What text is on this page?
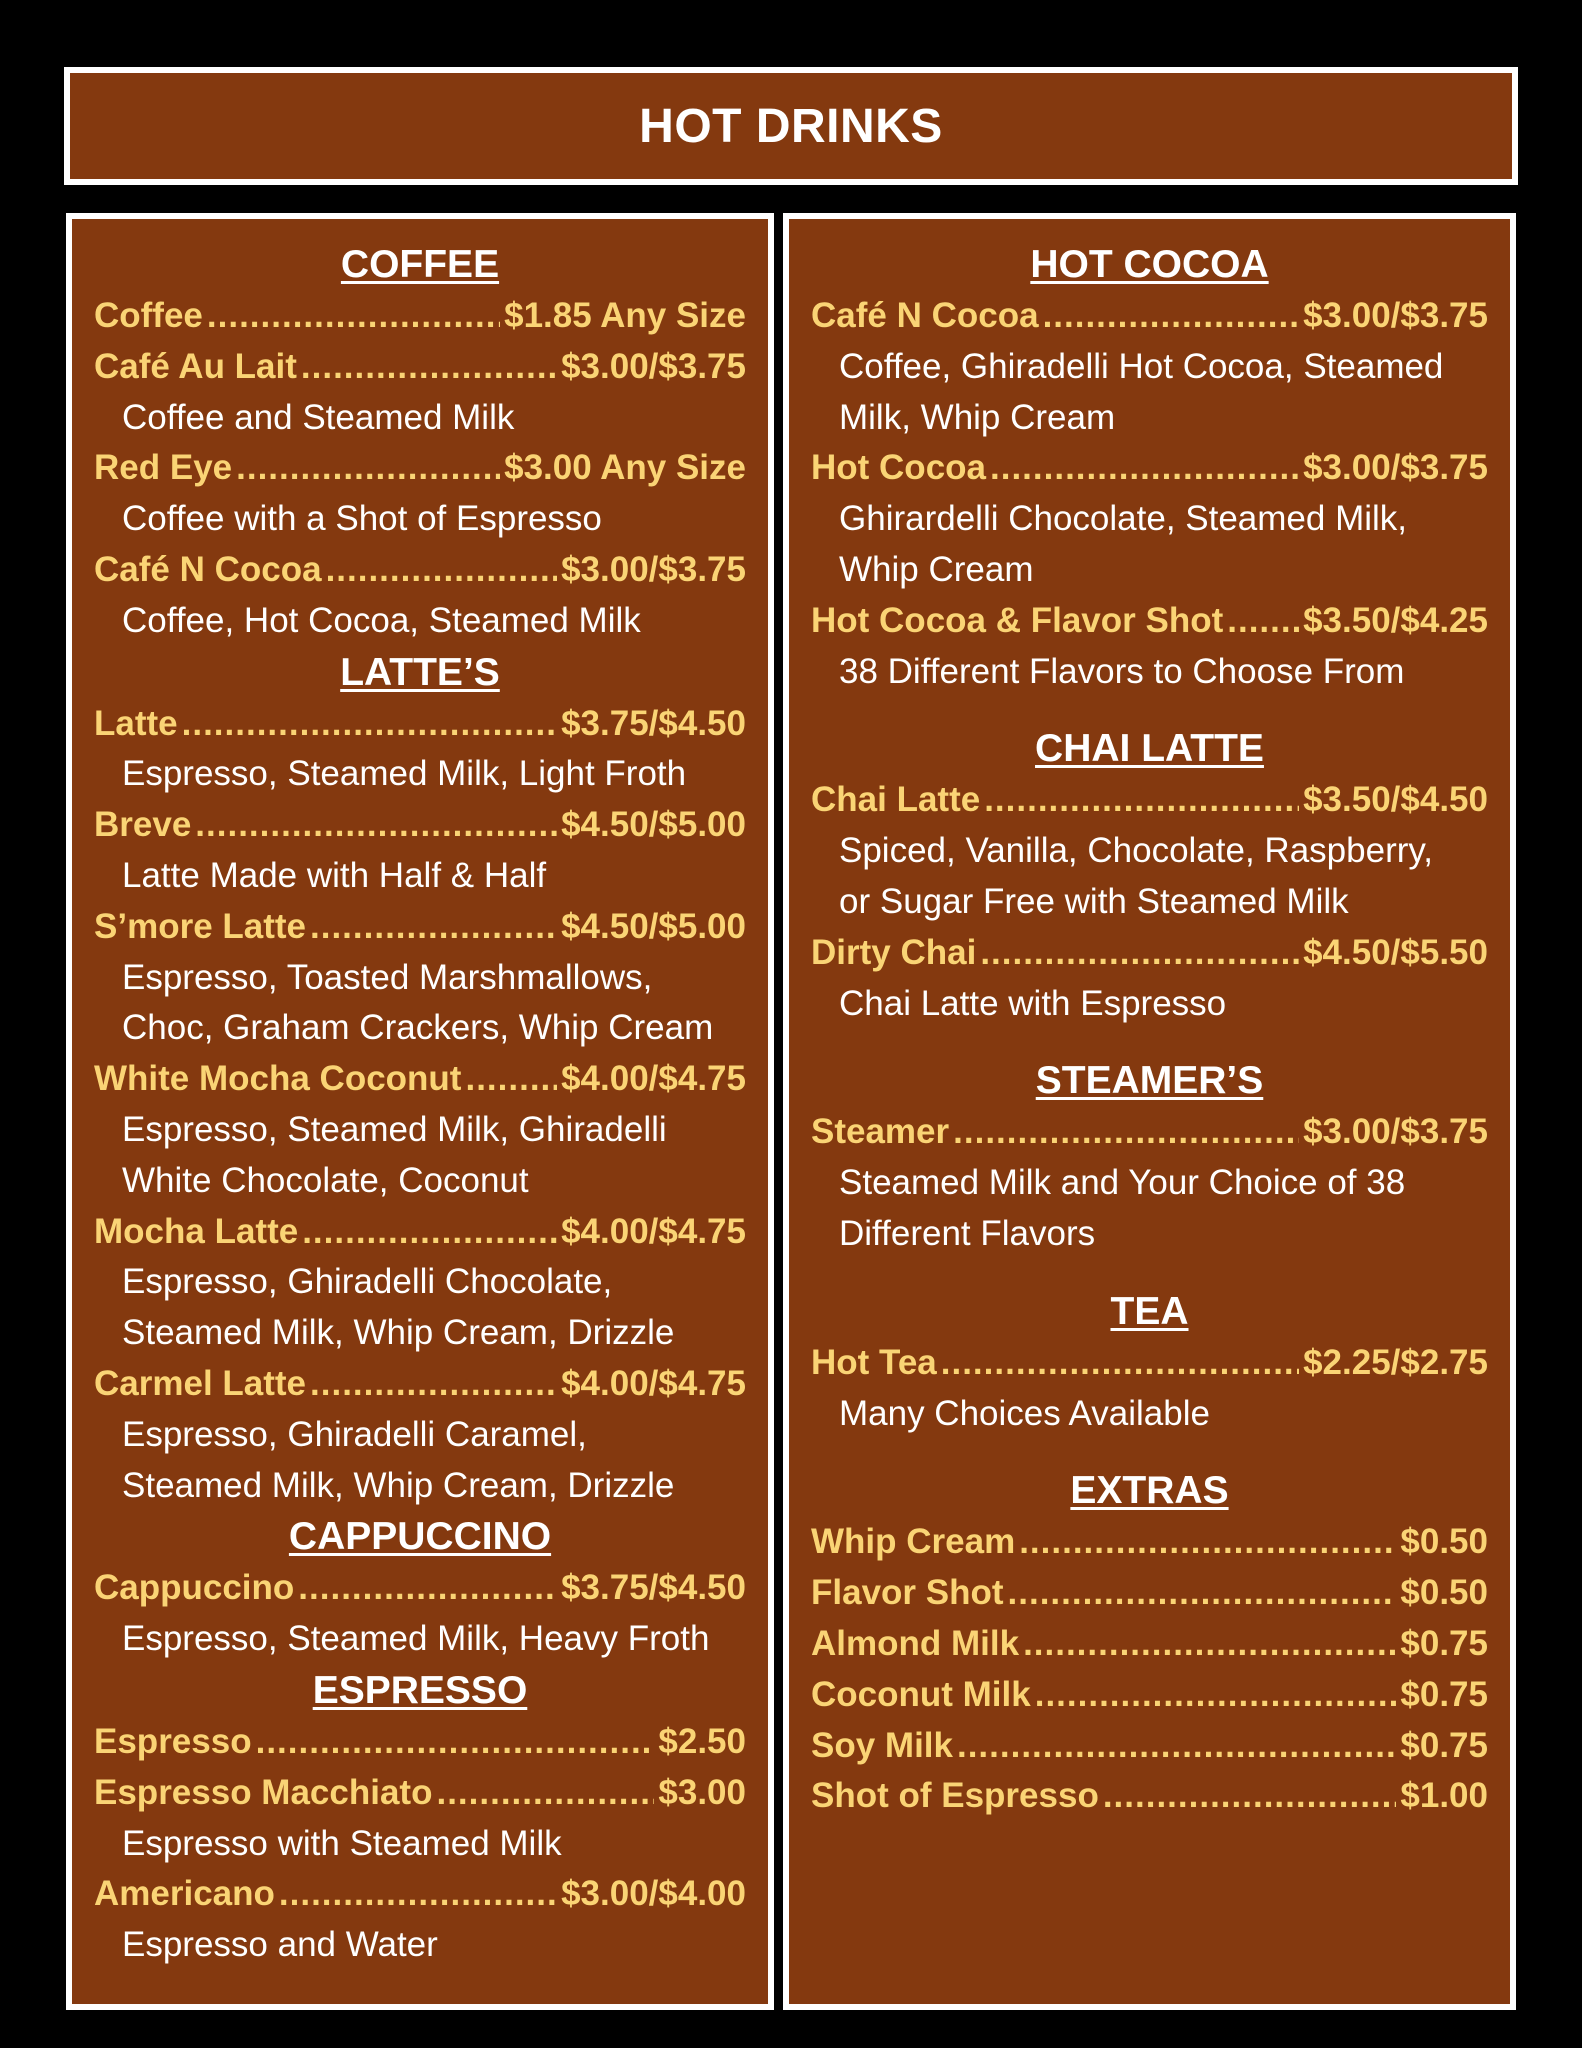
HOT DRINKS
COFFEE
Coffee .....	$1.85 Any Size
Café Au Lait .....	$3.00/$3.75
Coffee and Steamed Milk
Red Eye .....	$3.00 Any Size
Coffee with a Shot of Espresso
Café N Cocoa .....	$3.00/$3.75
Coffee, Hot Cocoa, Steamed Milk
LATTE’S
Latte .....	$3.75/$4.50
Espresso, Steamed Milk, Light Froth
Breve .....	$4.50/$5.00
Latte Made with Half & Half
S’more Latte .....	$4.50/$5.00
Espresso, Toasted Marshmallows,
Choc, Graham Crackers, Whip Cream
White Mocha Coconut .....	$4.00/$4.75
Espresso, Steamed Milk, Ghiradelli
White Chocolate, Coconut
Mocha Latte .....	$4.00/$4.75
Espresso, Ghiradelli Chocolate,
Steamed Milk, Whip Cream, Drizzle
Carmel Latte .....	$4.00/$4.75
Espresso, Ghiradelli Caramel,
Steamed Milk, Whip Cream, Drizzle
CAPPUCCINO
Cappuccino .....	$3.75/$4.50
Espresso, Steamed Milk, Heavy Froth
ESPRESSO
Espresso .....	$2.50
Espresso Macchiato .....	$3.00
Espresso with Steamed Milk
Americano .....	$3.00/$4.00
Espresso and Water
HOT COCOA
Café N Cocoa .....	$3.00/$3.75
Coffee, Ghiradelli Hot Cocoa, Steamed
Milk, Whip Cream
Hot Cocoa .....	$3.00/$3.75
Ghirardelli Chocolate, Steamed Milk,
Whip Cream
Hot Cocoa & Flavor Shot ..... $3.50/$4.25
38 Different Flavors to Choose From
CHAI LATTE
Chai Latte .....	$3.50/$4.50
Spiced, Vanilla, Chocolate, Raspberry,
or Sugar Free with Steamed Milk
Dirty Chai .....	$4.50/$5.50
Chai Latte with Espresso
STEAMER’S
Steamer .....	$3.00/$3.75
Steamed Milk and Your Choice of 38
Different Flavors
TEA
Hot Tea .....	$2.25/$2.75
Many Choices Available
EXTRAS
Whip Cream .....	$0.50
Flavor Shot .....	$0.50
Almond Milk .....	$0.75
Coconut Milk .....	$0.75
Soy Milk .....	$0.75
Shot of Espresso .....	$1.00
